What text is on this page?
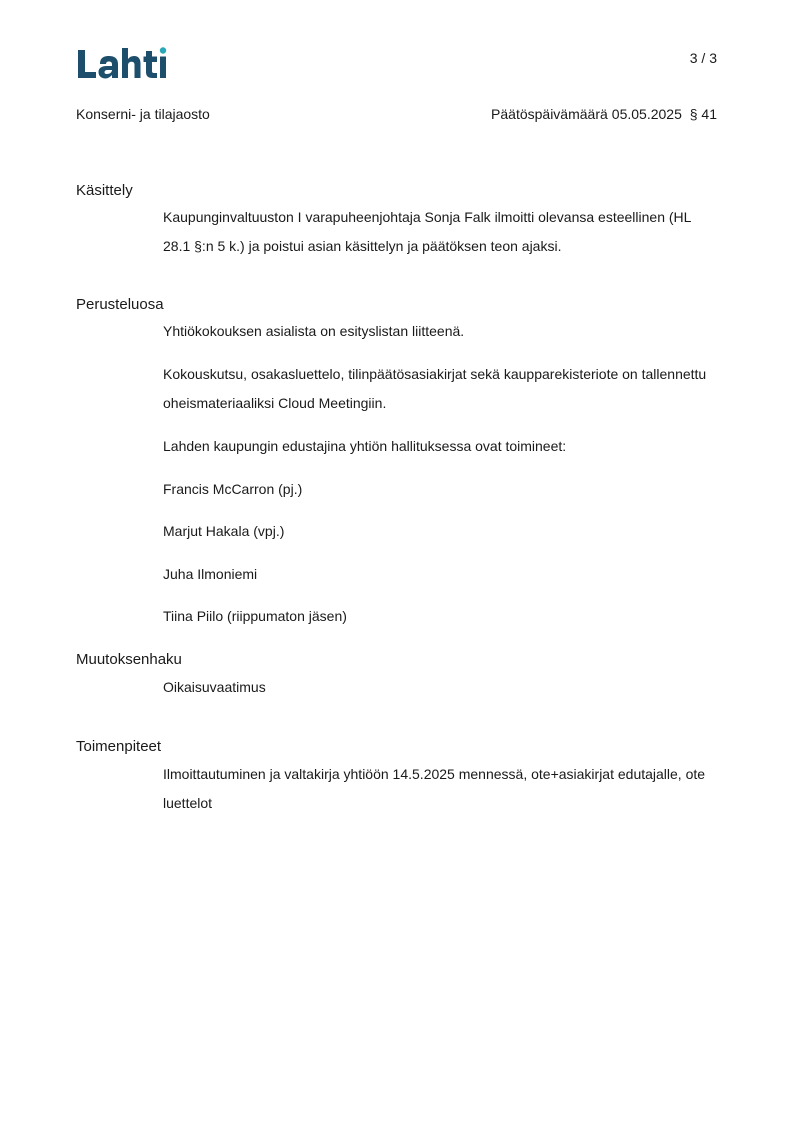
3 / 3
Konserni- ja tilajaosto	Päätöspäivämäärä 05.05.2025 § 41
Käsittely

Kaupunginvaltuuston I varapuheenjohtaja Sonja Falk ilmoitti olevansa esteellinen (HL 28.1 §:n 5 k.) ja poistui asian käsittelyn ja päätöksen teon ajaksi.

Perusteluosa

Yhtiökokouksen asialista on esityslistan liitteenä.

Kokouskutsu, osakasluettelo, tilinpäätösasiakirjat sekä kaupparekisteriote on tallennettu oheismateriaaliksi Cloud Meetingiin.

Lahden kaupungin edustajina yhtiön hallituksessa ovat toimineet:

Francis McCarron (pj.)

Marjut Hakala (vpj.)

Juha Ilmoniemi

Tiina Piilo (riippumaton jäsen)

Muutoksenhaku

Oikaisuvaatimus

Toimenpiteet

Ilmoittautuminen ja valtakirja yhtiöön 14.5.2025 mennessä, ote+asiakirjat edutajalle, ote luettelot
